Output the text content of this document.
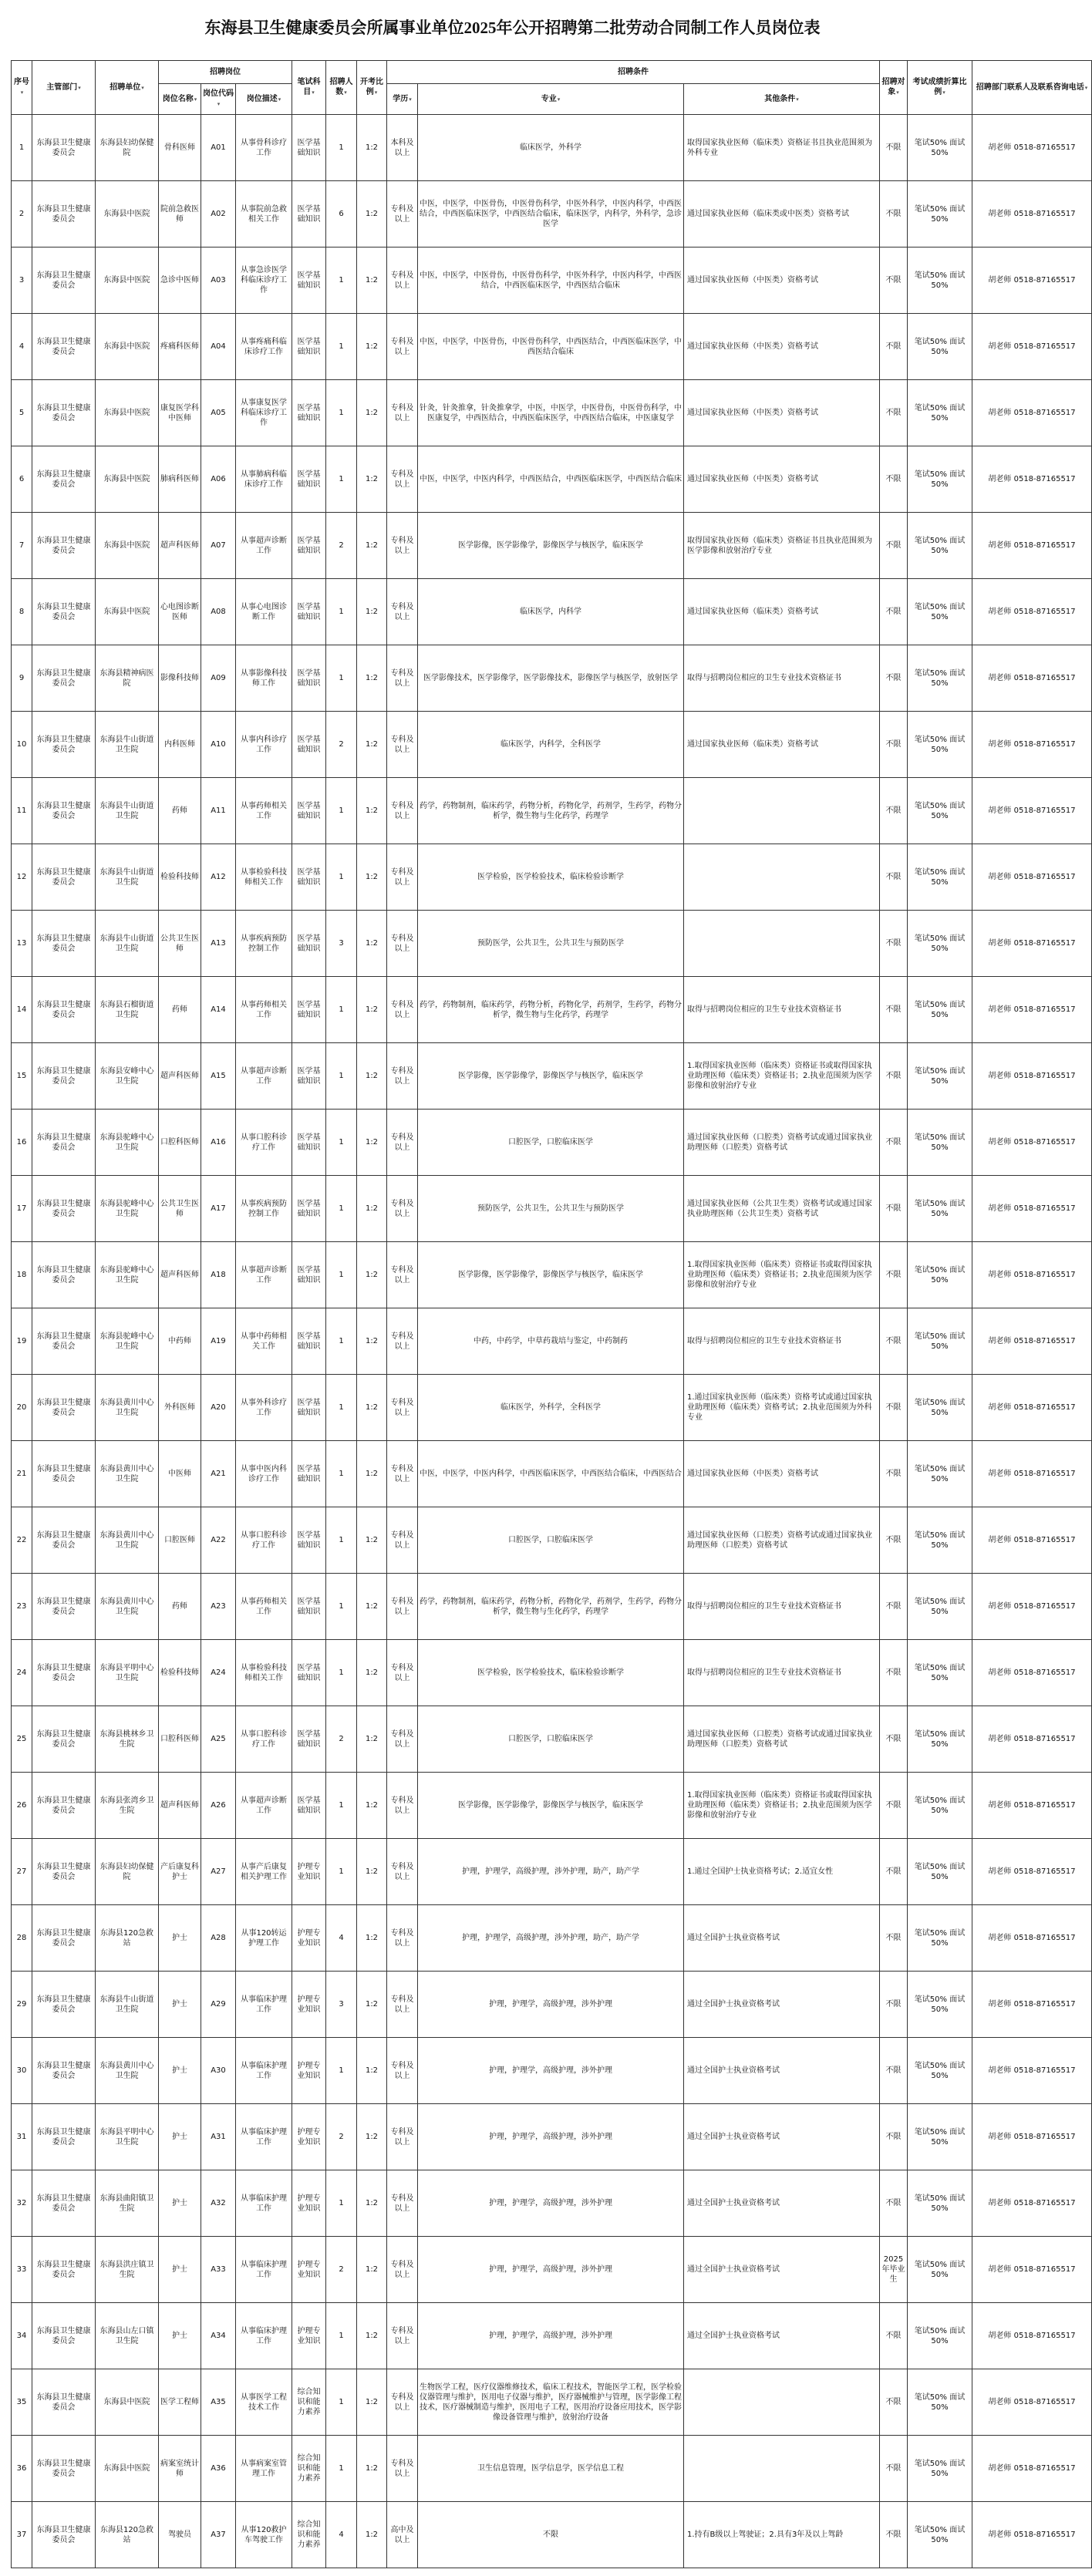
东海县卫生健康委员会所属事业单位2025年公开招聘第二批劳动合同制工作人员岗位表
序号▾	主管部门▾	招聘单位▾	招聘岗位			笔试科目▾	招聘人数▾	开考比例▾	招聘条件			招聘对象▾	考试成绩折算比例▾	招聘部门联系人及联系咨询电话▾
			岗位名称▾	岗位代码▾	岗位描述▾				学历▾	专业▾	其他条件▾			
1	东海县卫生健康委员会	东海县妇幼保健院	骨科医师	A01	从事骨科诊疗工作	医学基础知识	1	1:2	本科及以上	临床医学，外科学	取得国家执业医师（临床类）资格证书且执业范围须为外科专业	不限	笔试50% 面试50%	胡老师 0518-87165517
2	东海县卫生健康委员会	东海县中医院	院前急救医师	A02	从事院前急救相关工作	医学基础知识	6	1:2	专科及以上	中医，中医学，中医骨伤，中医骨伤科学，中医外科学，中医内科学，中西医结合，中西医临床医学，中西医结合临床，临床医学，内科学，外科学，急诊医学	通过国家执业医师（临床类或中医类）资格考试	不限	笔试50% 面试50%	胡老师 0518-87165517
3	东海县卫生健康委员会	东海县中医院	急诊中医师	A03	从事急诊医学科临床诊疗工作	医学基础知识	1	1:2	专科及以上	中医，中医学，中医骨伤，中医骨伤科学，中医外科学，中医内科学，中西医结合，中西医临床医学，中西医结合临床	通过国家执业医师（中医类）资格考试	不限	笔试50% 面试50%	胡老师 0518-87165517
4	东海县卫生健康委员会	东海县中医院	疼痛科医师	A04	从事疼痛科临床诊疗工作	医学基础知识	1	1:2	专科及以上	中医，中医学，中医骨伤，中医骨伤科学，中西医结合，中西医临床医学，中西医结合临床	通过国家执业医师（中医类）资格考试	不限	笔试50% 面试50%	胡老师 0518-87165517
5	东海县卫生健康委员会	东海县中医院	康复医学科中医师	A05	从事康复医学科临床诊疗工作	医学基础知识	1	1:2	专科及以上	针灸，针灸推拿，针灸推拿学，中医，中医学，中医骨伤，中医骨伤科学，中医康复学，中西医结合，中西医临床医学，中西医结合临床，中医康复学	通过国家执业医师（中医类）资格考试	不限	笔试50% 面试50%	胡老师 0518-87165517
6	东海县卫生健康委员会	东海县中医院	肺病科医师	A06	从事肺病科临床诊疗工作	医学基础知识	1	1:2	专科及以上	中医，中医学，中医内科学，中西医结合，中西医临床医学，中西医结合临床	通过国家执业医师（中医类）资格考试	不限	笔试50% 面试50%	胡老师 0518-87165517
7	东海县卫生健康委员会	东海县中医院	超声科医师	A07	从事超声诊断工作	医学基础知识	2	1:2	专科及以上	医学影像，医学影像学，影像医学与核医学，临床医学	取得国家执业医师（临床类）资格证书且执业范围须为医学影像和放射治疗专业	不限	笔试50% 面试50%	胡老师 0518-87165517
8	东海县卫生健康委员会	东海县中医院	心电图诊断医师	A08	从事心电图诊断工作	医学基础知识	1	1:2	专科及以上	临床医学，内科学	通过国家执业医师（临床类）资格考试	不限	笔试50% 面试50%	胡老师 0518-87165517
9	东海县卫生健康委员会	东海县精神病医院	影像科技师	A09	从事影像科技师工作	医学基础知识	1	1:2	专科及以上	医学影像技术，医学影像学，医学影像技术，影像医学与核医学，放射医学	取得与招聘岗位相应的卫生专业技术资格证书	不限	笔试50% 面试50%	胡老师 0518-87165517
10	东海县卫生健康委员会	东海县牛山街道卫生院	内科医师	A10	从事内科诊疗工作	医学基础知识	2	1:2	专科及以上	临床医学，内科学，全科医学	通过国家执业医师（临床类）资格考试	不限	笔试50% 面试50%	胡老师 0518-87165517
11	东海县卫生健康委员会	东海县牛山街道卫生院	药师	A11	从事药师相关工作	医学基础知识	1	1:2	专科及以上	药学，药物制剂，临床药学，药物分析，药物化学，药剂学，生药学，药物分析学，微生物与生化药学，药理学		不限	笔试50% 面试50%	胡老师 0518-87165517
12	东海县卫生健康委员会	东海县牛山街道卫生院	检验科技师	A12	从事检验科技师相关工作	医学基础知识	1	1:2	专科及以上	医学检验，医学检验技术，临床检验诊断学		不限	笔试50% 面试50%	胡老师 0518-87165517
13	东海县卫生健康委员会	东海县牛山街道卫生院	公共卫生医师	A13	从事疾病预防控制工作	医学基础知识	3	1:2	专科及以上	预防医学，公共卫生，公共卫生与预防医学		不限	笔试50% 面试50%	胡老师 0518-87165517
14	东海县卫生健康委员会	东海县石榴街道卫生院	药师	A14	从事药师相关工作	医学基础知识	1	1:2	专科及以上	药学，药物制剂，临床药学，药物分析，药物化学，药剂学，生药学，药物分析学，微生物与生化药学，药理学	取得与招聘岗位相应的卫生专业技术资格证书	不限	笔试50% 面试50%	胡老师 0518-87165517
15	东海县卫生健康委员会	东海县安峰中心卫生院	超声科医师	A15	从事超声诊断工作	医学基础知识	1	1:2	专科及以上	医学影像，医学影像学，影像医学与核医学，临床医学	1.取得国家执业医师（临床类）资格证书或取得国家执业助理医师（临床类）资格证书；2.执业范围须为医学影像和放射治疗专业	不限	笔试50% 面试50%	胡老师 0518-87165517
16	东海县卫生健康委员会	东海县驼峰中心卫生院	口腔科医师	A16	从事口腔科诊疗工作	医学基础知识	1	1:2	专科及以上	口腔医学，口腔临床医学	通过国家执业医师（口腔类）资格考试或通过国家执业助理医师（口腔类）资格考试	不限	笔试50% 面试50%	胡老师 0518-87165517
17	东海县卫生健康委员会	东海县驼峰中心卫生院	公共卫生医师	A17	从事疾病预防控制工作	医学基础知识	1	1:2	专科及以上	预防医学，公共卫生，公共卫生与预防医学	通过国家执业医师（公共卫生类）资格考试或通过国家执业助理医师（公共卫生类）资格考试	不限	笔试50% 面试50%	胡老师 0518-87165517
18	东海县卫生健康委员会	东海县驼峰中心卫生院	超声科医师	A18	从事超声诊断工作	医学基础知识	1	1:2	专科及以上	医学影像，医学影像学，影像医学与核医学，临床医学	1.取得国家执业医师（临床类）资格证书或取得国家执业助理医师（临床类）资格证书；2.执业范围须为医学影像和放射治疗专业	不限	笔试50% 面试50%	胡老师 0518-87165517
19	东海县卫生健康委员会	东海县驼峰中心卫生院	中药师	A19	从事中药师相关工作	医学基础知识	1	1:2	专科及以上	中药，中药学，中草药栽培与鉴定，中药制药	取得与招聘岗位相应的卫生专业技术资格证书	不限	笔试50% 面试50%	胡老师 0518-87165517
20	东海县卫生健康委员会	东海县黄川中心卫生院	外科医师	A20	从事外科诊疗工作	医学基础知识	1	1:2	专科及以上	临床医学，外科学，全科医学	1.通过国家执业医师（临床类）资格考试或通过国家执业助理医师（临床类）资格考试；2.执业范围须为外科专业	不限	笔试50% 面试50%	胡老师 0518-87165517
21	东海县卫生健康委员会	东海县黄川中心卫生院	中医师	A21	从事中医内科诊疗工作	医学基础知识	1	1:2	专科及以上	中医，中医学，中医内科学，中西医临床医学，中西医结合临床，中西医结合	通过国家执业医师（中医类）资格考试	不限	笔试50% 面试50%	胡老师 0518-87165517
22	东海县卫生健康委员会	东海县黄川中心卫生院	口腔医师	A22	从事口腔科诊疗工作	医学基础知识	1	1:2	专科及以上	口腔医学，口腔临床医学	通过国家执业医师（口腔类）资格考试或通过国家执业助理医师（口腔类）资格考试	不限	笔试50% 面试50%	胡老师 0518-87165517
23	东海县卫生健康委员会	东海县黄川中心卫生院	药师	A23	从事药师相关工作	医学基础知识	1	1:2	专科及以上	药学，药物制剂，临床药学，药物分析，药物化学，药剂学，生药学，药物分析学，微生物与生化药学，药理学	取得与招聘岗位相应的卫生专业技术资格证书	不限	笔试50% 面试50%	胡老师 0518-87165517
24	东海县卫生健康委员会	东海县平明中心卫生院	检验科技师	A24	从事检验科技师相关工作	医学基础知识	1	1:2	专科及以上	医学检验，医学检验技术，临床检验诊断学	取得与招聘岗位相应的卫生专业技术资格证书	不限	笔试50% 面试50%	胡老师 0518-87165517
25	东海县卫生健康委员会	东海县桃林乡卫生院	口腔科医师	A25	从事口腔科诊疗工作	医学基础知识	2	1:2	专科及以上	口腔医学，口腔临床医学	通过国家执业医师（口腔类）资格考试或通过国家执业助理医师（口腔类）资格考试	不限	笔试50% 面试50%	胡老师 0518-87165517
26	东海县卫生健康委员会	东海县张湾乡卫生院	超声科医师	A26	从事超声诊断工作	医学基础知识	1	1:2	专科及以上	医学影像，医学影像学，影像医学与核医学，临床医学	1.取得国家执业医师（临床类）资格证书或取得国家执业助理医师（临床类）资格证书；2.执业范围须为医学影像和放射治疗专业	不限	笔试50% 面试50%	胡老师 0518-87165517
27	东海县卫生健康委员会	东海县妇幼保健院	产后康复科护士	A27	从事产后康复相关护理工作	护理专业知识	1	1:2	专科及以上	护理，护理学，高级护理，涉外护理，助产，助产学	1.通过全国护士执业资格考试；2.适宜女性	不限	笔试50% 面试50%	胡老师 0518-87165517
28	东海县卫生健康委员会	东海县120急救站	护士	A28	从事120转运护理工作	护理专业知识	4	1:2	专科及以上	护理，护理学，高级护理，涉外护理，助产，助产学	通过全国护士执业资格考试	不限	笔试50% 面试50%	胡老师 0518-87165517
29	东海县卫生健康委员会	东海县牛山街道卫生院	护士	A29	从事临床护理工作	护理专业知识	3	1:2	专科及以上	护理，护理学，高级护理，涉外护理	通过全国护士执业资格考试	不限	笔试50% 面试50%	胡老师 0518-87165517
30	东海县卫生健康委员会	东海县黄川中心卫生院	护士	A30	从事临床护理工作	护理专业知识	1	1:2	专科及以上	护理，护理学，高级护理，涉外护理	通过全国护士执业资格考试	不限	笔试50% 面试50%	胡老师 0518-87165517
31	东海县卫生健康委员会	东海县平明中心卫生院	护士	A31	从事临床护理工作	护理专业知识	2	1:2	专科及以上	护理，护理学，高级护理，涉外护理	通过全国护士执业资格考试	不限	笔试50% 面试50%	胡老师 0518-87165517
32	东海县卫生健康委员会	东海县曲阳镇卫生院	护士	A32	从事临床护理工作	护理专业知识	1	1:2	专科及以上	护理，护理学，高级护理，涉外护理	通过全国护士执业资格考试	不限	笔试50% 面试50%	胡老师 0518-87165517
33	东海县卫生健康委员会	东海县洪庄镇卫生院	护士	A33	从事临床护理工作	护理专业知识	2	1:2	专科及以上	护理，护理学，高级护理，涉外护理	通过全国护士执业资格考试	2025年毕业生	笔试50% 面试50%	胡老师 0518-87165517
34	东海县卫生健康委员会	东海县山左口镇卫生院	护士	A34	从事临床护理工作	护理专业知识	1	1:2	专科及以上	护理，护理学，高级护理，涉外护理	通过全国护士执业资格考试	不限	笔试50% 面试50%	胡老师 0518-87165517
35	东海县卫生健康委员会	东海县中医院	医学工程师	A35	从事医学工程技术工作	综合知识和能力素养	1	1:2	专科及以上	生物医学工程，医疗仪器维修技术，临床工程技术，智能医学工程，医学检验仪器管理与维护，医用电子仪器与维护，医疗器械维护与管理，医学影像工程技术，医疗器械制造与维护，医用电子工程，医用治疗设备应用技术，医学影像设备管理与维护，放射治疗设备		不限	笔试50% 面试50%	胡老师 0518-87165517
36	东海县卫生健康委员会	东海县中医院	病案室统计师	A36	从事病案室管理工作	综合知识和能力素养	1	1:2	专科及以上	卫生信息管理，医学信息学，医学信息工程		不限	笔试50% 面试50%	胡老师 0518-87165517
37	东海县卫生健康委员会	东海县120急救站	驾驶员	A37	从事120救护车驾驶工作	综合知识和能力素养	4	1:2	高中及以上	不限	1.持有B级以上驾驶证；2.具有3年及以上驾龄	不限	笔试50% 面试50%	胡老师 0518-87165517
